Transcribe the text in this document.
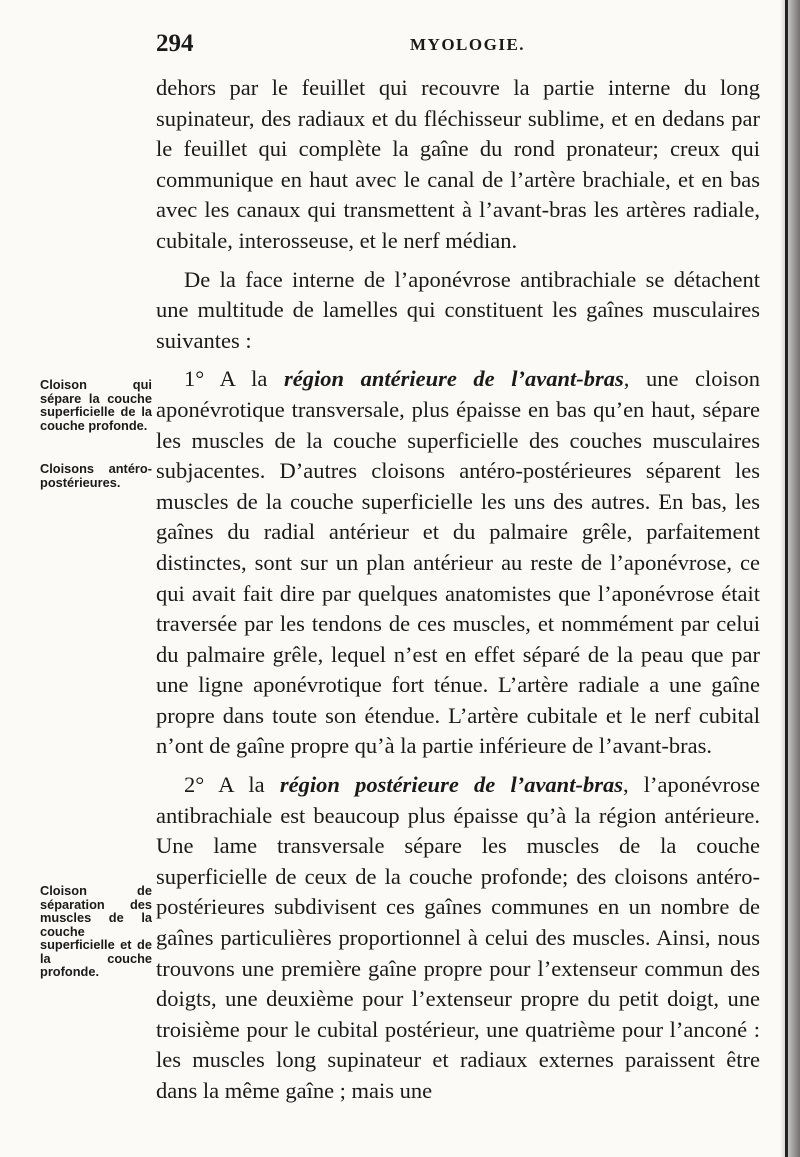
294	MYOLOGIE.
Cloison qui sépare la couche superficielle de la couche profonde.
Cloisons antéro-postérieures.
Cloison de séparation des muscles de la couche superficielle et de la couche profonde.

dehors par le feuillet qui recouvre la partie interne du long supinateur, des radiaux et du fléchisseur sublime, et en dedans par le feuillet qui complète la gaîne du rond pronateur; creux qui communique en haut avec le canal de l’artère brachiale, et en bas avec les canaux qui transmettent à l’avant-bras les artères radiale, cubitale, interosseuse, et le nerf médian.

De la face interne de l’aponévrose antibrachiale se détachent une multitude de lamelles qui constituent les gaînes musculaires suivantes :

1° A la région antérieure de l’avant-bras, une cloison aponévrotique transversale, plus épaisse en bas qu’en haut, sépare les muscles de la couche superficielle des couches musculaires subjacentes. D’autres cloisons antéro-postérieures séparent les muscles de la couche superficielle les uns des autres. En bas, les gaînes du radial antérieur et du palmaire grêle, parfaitement distinctes, sont sur un plan antérieur au reste de l’aponévrose, ce qui avait fait dire par quelques anatomistes que l’aponévrose était traversée par les tendons de ces muscles, et nommément par celui du palmaire grêle, lequel n’est en effet séparé de la peau que par une ligne aponévrotique fort ténue. L’artère radiale a une gaîne propre dans toute son étendue. L’artère cubitale et le nerf cubital n’ont de gaîne propre qu’à la partie inférieure de l’avant-bras.

2° A la région postérieure de l’avant-bras, l’aponévrose antibrachiale est beaucoup plus épaisse qu’à la région antérieure. Une lame transversale sépare les muscles de la couche superficielle de ceux de la couche profonde; des cloisons antéro-postérieures subdivisent ces gaînes communes en un nombre de gaînes particulières proportionnel à celui des muscles. Ainsi, nous trouvons une première gaîne propre pour l’extenseur commun des doigts, une deuxième pour l’extenseur propre du petit doigt, une troisième pour le cubital postérieur, une quatrième pour l’anconé : les muscles long supinateur et radiaux externes paraissent être dans la même gaîne ; mais une
